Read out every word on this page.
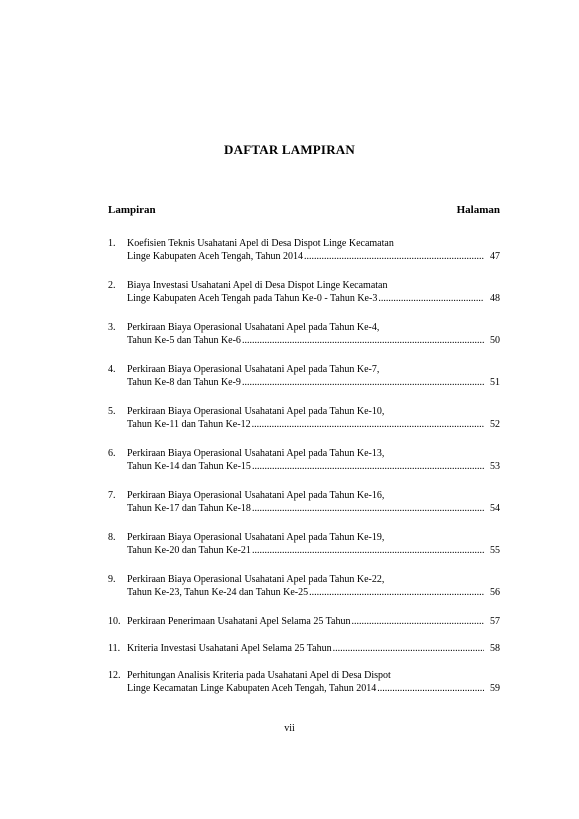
DAFTAR LAMPIRAN
Lampiran	Halaman
1. Koefisien Teknis Usahatani Apel di Desa Dispot Linge Kecamatan
Linge Kabupaten Aceh Tengah, Tahun 2014 .....	47
2. Biaya Investasi Usahatani Apel di Desa Dispot Linge Kecamatan
Linge Kabupaten Aceh Tengah pada Tahun Ke-0 - Tahun Ke-3 .....	48
3. Perkiraan Biaya Operasional Usahatani Apel pada Tahun Ke-4,
Tahun Ke-5 dan Tahun Ke-6 .....	50
4. Perkiraan Biaya Operasional Usahatani Apel pada Tahun Ke-7,
Tahun Ke-8 dan Tahun Ke-9 .....	51
5. Perkiraan Biaya Operasional Usahatani Apel pada Tahun Ke-10,
Tahun Ke-11 dan Tahun Ke-12 .....	52
6. Perkiraan Biaya Operasional Usahatani Apel pada Tahun Ke-13,
Tahun Ke-14 dan Tahun Ke-15 .....	53
7. Perkiraan Biaya Operasional Usahatani Apel pada Tahun Ke-16,
Tahun Ke-17 dan Tahun Ke-18 .....	54
8. Perkiraan Biaya Operasional Usahatani Apel pada Tahun Ke-19,
Tahun Ke-20 dan Tahun Ke-21 .....	55
9. Perkiraan Biaya Operasional Usahatani Apel pada Tahun Ke-22,
Tahun Ke-23, Tahun Ke-24 dan Tahun Ke-25 .....	56
10. Perkiraan Penerimaan Usahatani Apel Selama 25 Tahun .....	57
11. Kriteria Investasi Usahatani Apel Selama 25 Tahun .....	58
12. Perhitungan Analisis Kriteria pada Usahatani Apel di Desa Dispot
Linge Kecamatan Linge Kabupaten Aceh Tengah, Tahun 2014 .....	59
vii
